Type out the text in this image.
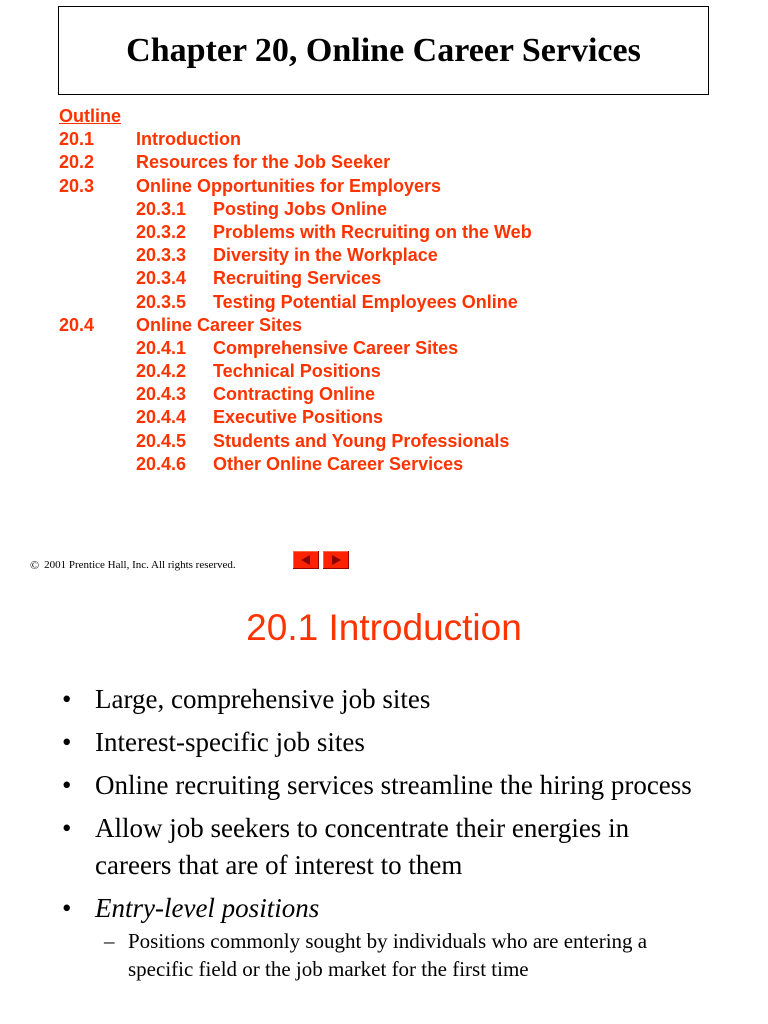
Chapter 20, Online Career Services
Outline
20.1 Introduction
20.2 Resources for the Job Seeker
20.3 Online Opportunities for Employers
20.3.1 Posting Jobs Online
20.3.2 Problems with Recruiting on the Web
20.3.3 Diversity in the Workplace
20.3.4 Recruiting Services
20.3.5 Testing Potential Employees Online
20.4 Online Career Sites
20.4.1 Comprehensive Career Sites
20.4.2 Technical Positions
20.4.3 Contracting Online
20.4.4 Executive Positions
20.4.5 Students and Young Professionals
20.4.6 Other Online Career Services
© 2001 Prentice Hall, Inc. All rights reserved.
20.1 Introduction
• Large, comprehensive job sites
• Interest-specific job sites
• Online recruiting services streamline the hiring process
• Allow job seekers to concentrate their energies in careers that are of interest to them
• Entry-level positions
– Positions commonly sought by individuals who are entering a specific field or the job market for the first time
